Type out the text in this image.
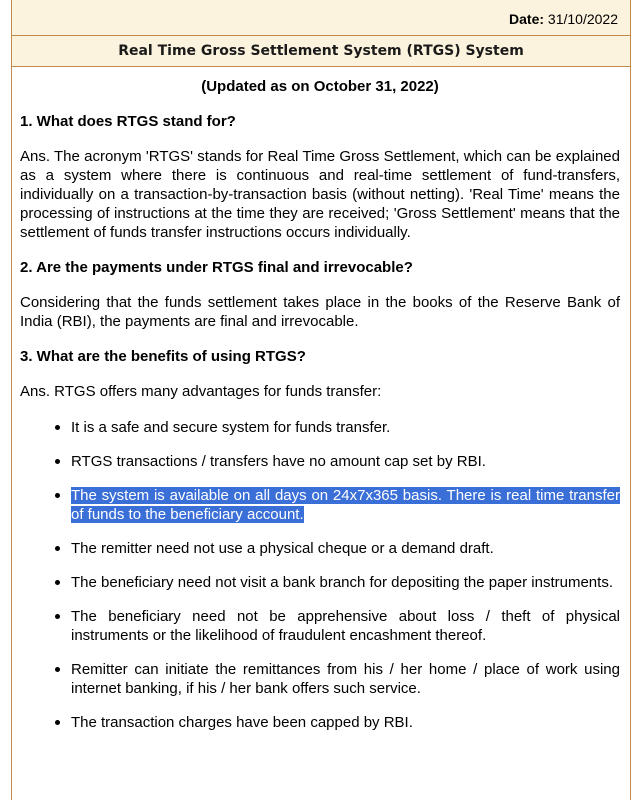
Date: 31/10/2022
Real Time Gross Settlement System (RTGS) System
(Updated as on October 31, 2022)
1. What does RTGS stand for?
Ans. The acronym 'RTGS' stands for Real Time Gross Settlement, which can be explained as a system where there is continuous and real-time settlement of fund-transfers, individually on a transaction-by-transaction basis (without netting). 'Real Time' means the processing of instructions at the time they are received; 'Gross Settlement' means that the settlement of funds transfer instructions occurs individually.
2. Are the payments under RTGS final and irrevocable?
Considering that the funds settlement takes place in the books of the Reserve Bank of India (RBI), the payments are final and irrevocable.
3. What are the benefits of using RTGS?
Ans. RTGS offers many advantages for funds transfer:
It is a safe and secure system for funds transfer.
RTGS transactions / transfers have no amount cap set by RBI.
The system is available on all days on 24x7x365 basis. There is real time transfer of funds to the beneficiary account.
The remitter need not use a physical cheque or a demand draft.
The beneficiary need not visit a bank branch for depositing the paper instruments.
The beneficiary need not be apprehensive about loss / theft of physical instruments or the likelihood of fraudulent encashment thereof.
Remitter can initiate the remittances from his / her home / place of work using internet banking, if his / her bank offers such service.
The transaction charges have been capped by RBI.
